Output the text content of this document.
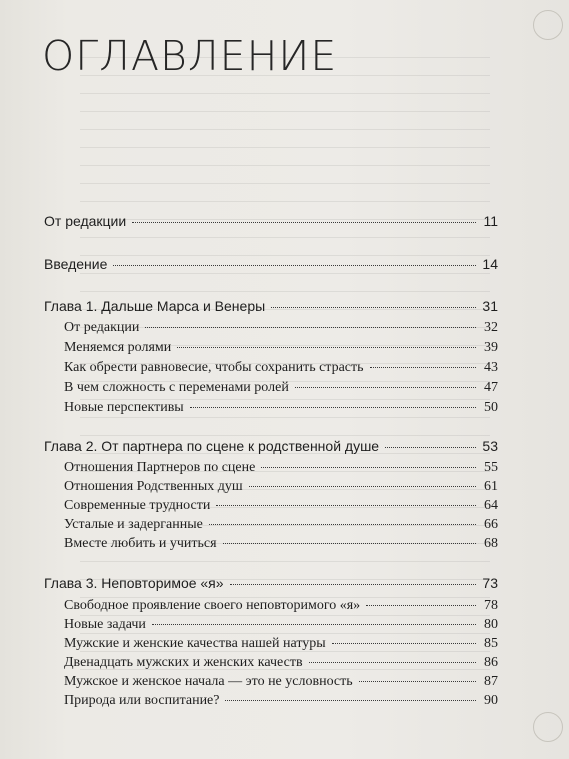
ОГЛАВЛЕНИЕ
От редакции	11
Введение	14
Глава 1. Дальше Марса и Венеры	31
От редакции	32
Меняемся ролями	39
Как обрести равновесие, чтобы сохранить страсть	43
В чем сложность с переменами ролей	47
Новые перспективы	50
Глава 2. От партнера по сцене к родственной душе	53
Отношения Партнеров по сцене	55
Отношения Родственных душ	61
Современные трудности	64
Усталые и задерганные	66
Вместе любить и учиться	68
Глава 3. Неповторимое «я»	73
Свободное проявление своего неповторимого «я»	78
Новые задачи	80
Мужские и женские качества нашей натуры	85
Двенадцать мужских и женских качеств	86
Мужское и женское начала — это не условность	87
Природа или воспитание?	90
